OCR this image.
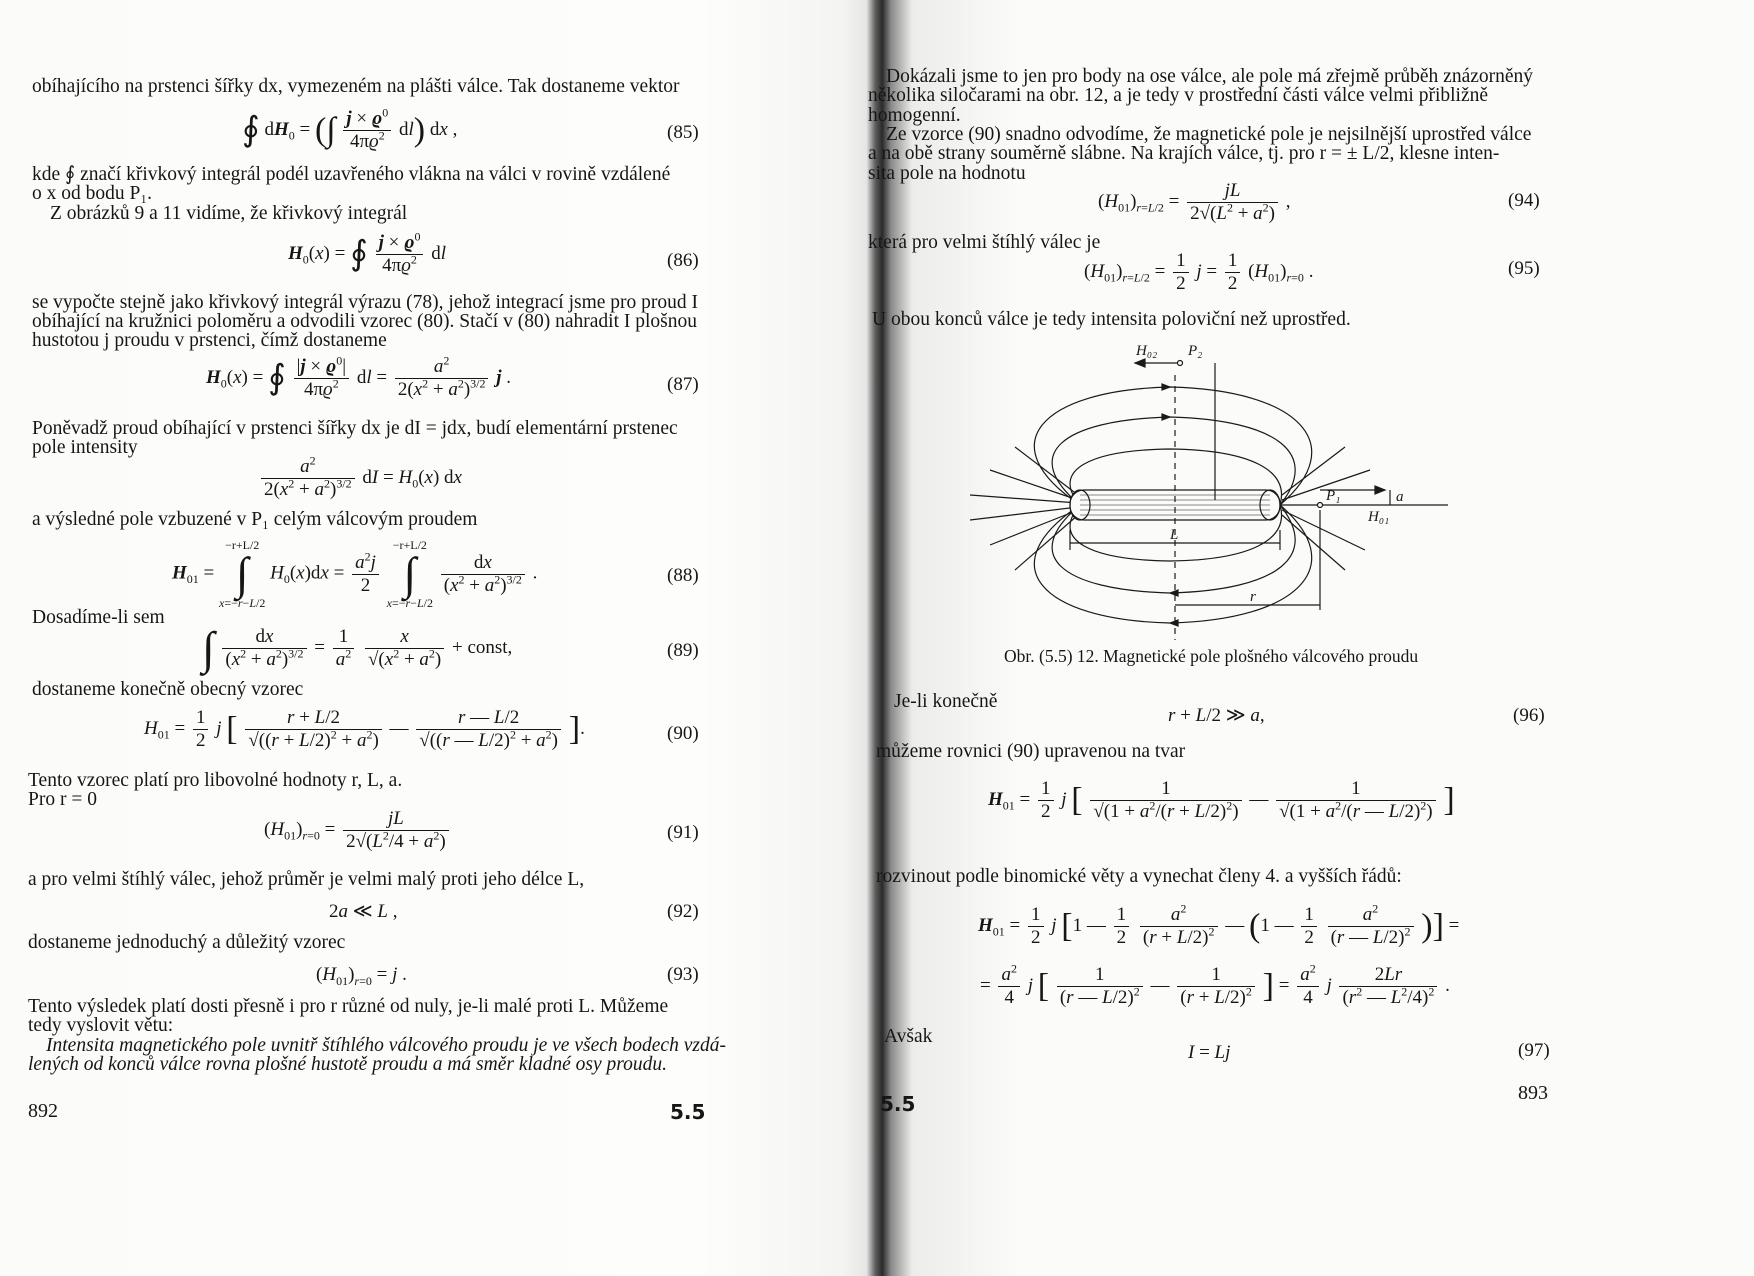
obíhajícího na prstenci šířky dx, vymezeném na plášti válce. Tak dostaneme vektor
∮ $dH_0$ = (∫ $\frac{j \times ϱ^0}{4\pi ϱ^2} dl$) dx ,	(85)
kde ∮ značí křivkový integrál podél uzavřeného vlákna na válci v rovině vzdálené
o x od bodu P₁.
Z obrázků 9 a 11 vidíme, že křivkový integrál
$H_0(x)$ = ∮ $\frac{j \times ϱ^0}{4\pi ϱ^2}$ dl	(86)
se vypočte stejně jako křivkový integrál výrazu (78), jehož integrací jsme pro proud I
obíhající na kružnici poloměru a odvodili vzorec (80). Stačí v (80) nahradit I plošnou
hustotou j proudu v prstenci, čímž dostaneme
$H_0(x)$ = ∮ $\frac{|j \times ϱ^0|}{4\pi ϱ^2}$ dl = $\frac{a^2}{2(x^2 + a^2)^{3/2}}$ j .	(87)
Poněvadž proud obíhající v prstenci šířky dx je dI = jdx, budí elementární prstenec
pole intensity
$\frac{a^2}{2(x^2 + a^2)^{3/2}}$ dI = $H_0(x)$ dx
a výsledné pole vzbuzené v P₁ celým válcovým proudem
$H_{01} = -r+L/2$
∫
x=−r−L/2 $H_0(x)dx = \frac{a^2j}{2}$
−r+L/2
∫
x=−r−L/2
$\frac{dx}{(x^2 + a^2)^{3/2}}$ .	(88)
Dosadíme-li sem
∫ $\frac{dx}{(x^2 + a^2)^{3/2}} = \frac{1}{a^2}$
$\frac{x}{√(x^2 + a^2)}$ + const,	(89)
dostaneme konečně obecný vzorec
$H_{01} = \frac{1}{2}$ j [ $\frac{r + L/2}{√((r + L/2)^2 + a^2)}$ — $\frac{r — L/2}{√((r — L/2)^2 + a^2)}$ ].	(90)
Tento vzorec platí pro libovolné hodnoty r, L, a.
Pro r = 0
$(H_{01})_{r=0} = \frac{jL}{2√(L^2/4 + a^2)}$	(91)
a pro velmi štíhlý válec, jehož průměr je velmi malý proti jeho délce L,
2a ≪ L ,	(92)
dostaneme jednoduchý a důležitý vzorec
$(H_{01})_{r=0} = j$ .	(93)
Tento výsledek platí dosti přesně i pro r různé od nuly, je-li malé proti L. Můžeme
tedy vyslovit větu:
Intensita magnetického pole uvnitř štíhlého válcového proudu je ve všech bodech vzdá-
lených od konců válce rovna plošné hustotě proudu a má směr kladné osy proudu.
892	5.5
Dokázali jsme to jen pro body na ose válce, ale pole má zřejmě průběh znázorněný
několika siločarami na obr. 12, a je tedy v prostřední části válce velmi přibližně
homogenní.
Ze vzorce (90) snadno odvodíme, že magnetické pole je nejsilnější uprostřed válce
a na obě strany souměrně slábne. Na krajích válce, tj. pro r = ± L/2, klesne inten-
sita pole na hodnotu
$(H_{01})_{r=L/2} = \frac{jL}{2√(L^2 + a^2)}$ ,	(94)
která pro velmi štíhlý válec je
$(H_{01})_{r=L/2} = \frac{1}{2}$ $j = \frac{1}{2} (H_{01})_{r=0}$ .	(95)
U obou konců válce je tedy intensita poloviční než uprostřed.
H₀₂ P₂
P₁
H₀₁
a
L
r
Obr. (5.5) 12. Magnetické pole plošného válcového proudu
Je-li konečně
r + L/2 ≫ a,	(96)
můžeme rovnici (90) upravenou na tvar
$H_{01} = \frac{1}{2}$ j [ $\frac{1}{√(1 + a^2/(r + L/2)^2)}$ — $\frac{1}{√(1 + a^2/(r — L/2)^2)}$ ]
rozvinout podle binomické věty a vynechat členy 4. a vyšších řádů:
$H_{01} = \frac{1}{2}$ j [1 — $\frac{1}{2}$
$\frac{a^2}{(r + L/2)^2}$ — (1 — $\frac{1}{2}$
$\frac{a^2}{(r — L/2)^2}$ )] =
= $\frac{a^2}{4}$ j [ $\frac{1}{(r — L/2)^2}$ — $\frac{1}{(r + L/2)^2}$ ] = $\frac{a^2}{4}$ j $\frac{2Lr}{(r^2 — L^2/4)^2}$ .
Avšak
I = Lj	(97)
5.5	893
